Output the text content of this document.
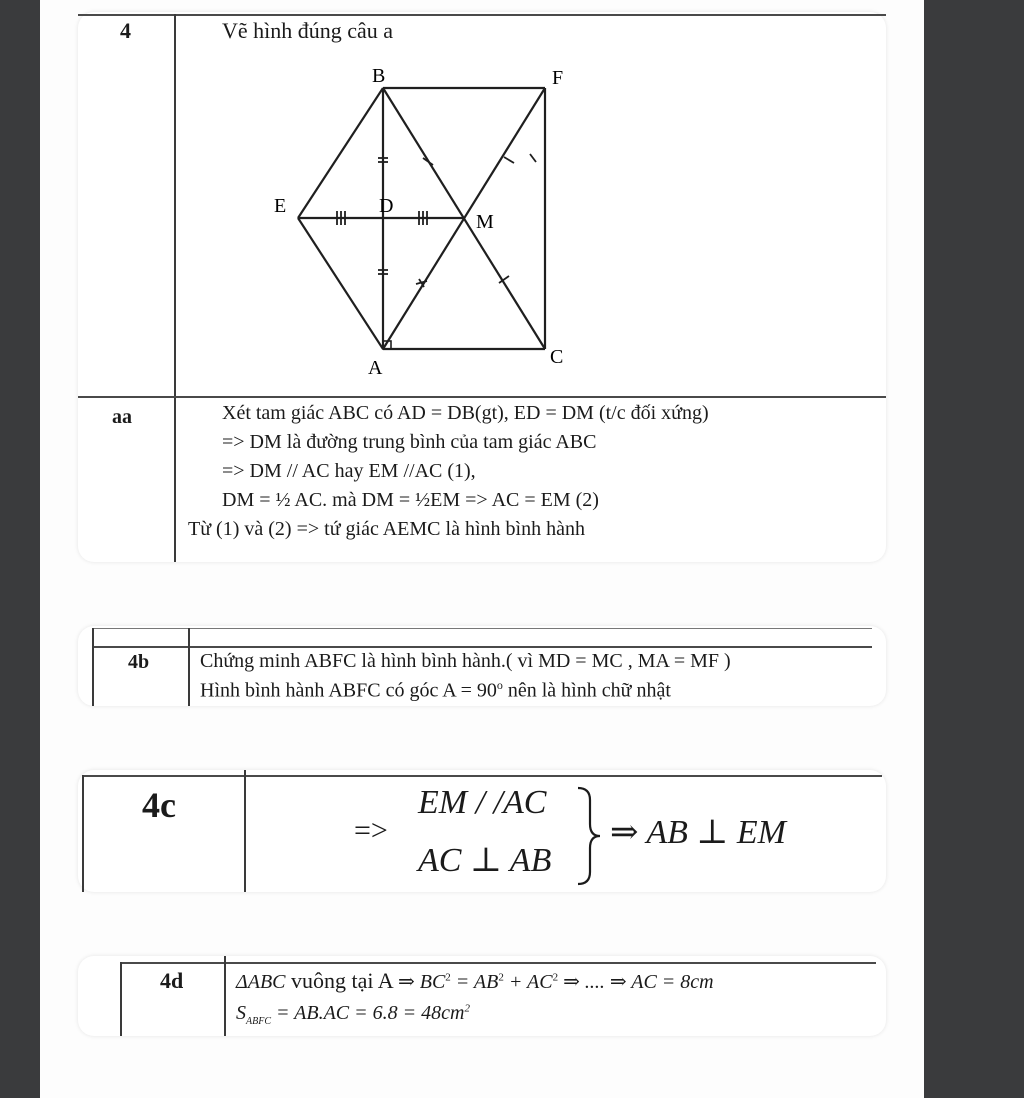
4	Vẽ hình đúng câu a
B	F
E	D
M
A	C
aa	Xét tam giác ABC có AD = DB(gt), ED = DM (t/c đối xứng)
=> DM là đường trung bình của tam giác ABC
=> DM // AC hay EM //AC (1),
DM = ½ AC. mà DM = ½EM => AC = EM (2)
Từ (1) và (2) => tứ giác AEMC là hình bình hành
4b	Chứng minh ABFC là hình bình hành.( vì MD = MC , MA = MF )
Hình bình hành ABFC có góc $A = 90^o$ nên là hình chữ nhật
4c
=>
EM / /AC
AC ⊥ AB
⇒ AB ⊥ EM
4d	ΔABC vuông tại A ⇒ $BC^2 = AB^2 + AC^2$ ⇒ .... ⇒ AC = 8cm
$S_{ABFC} = AB.AC = 6.8 = 48cm^2$
